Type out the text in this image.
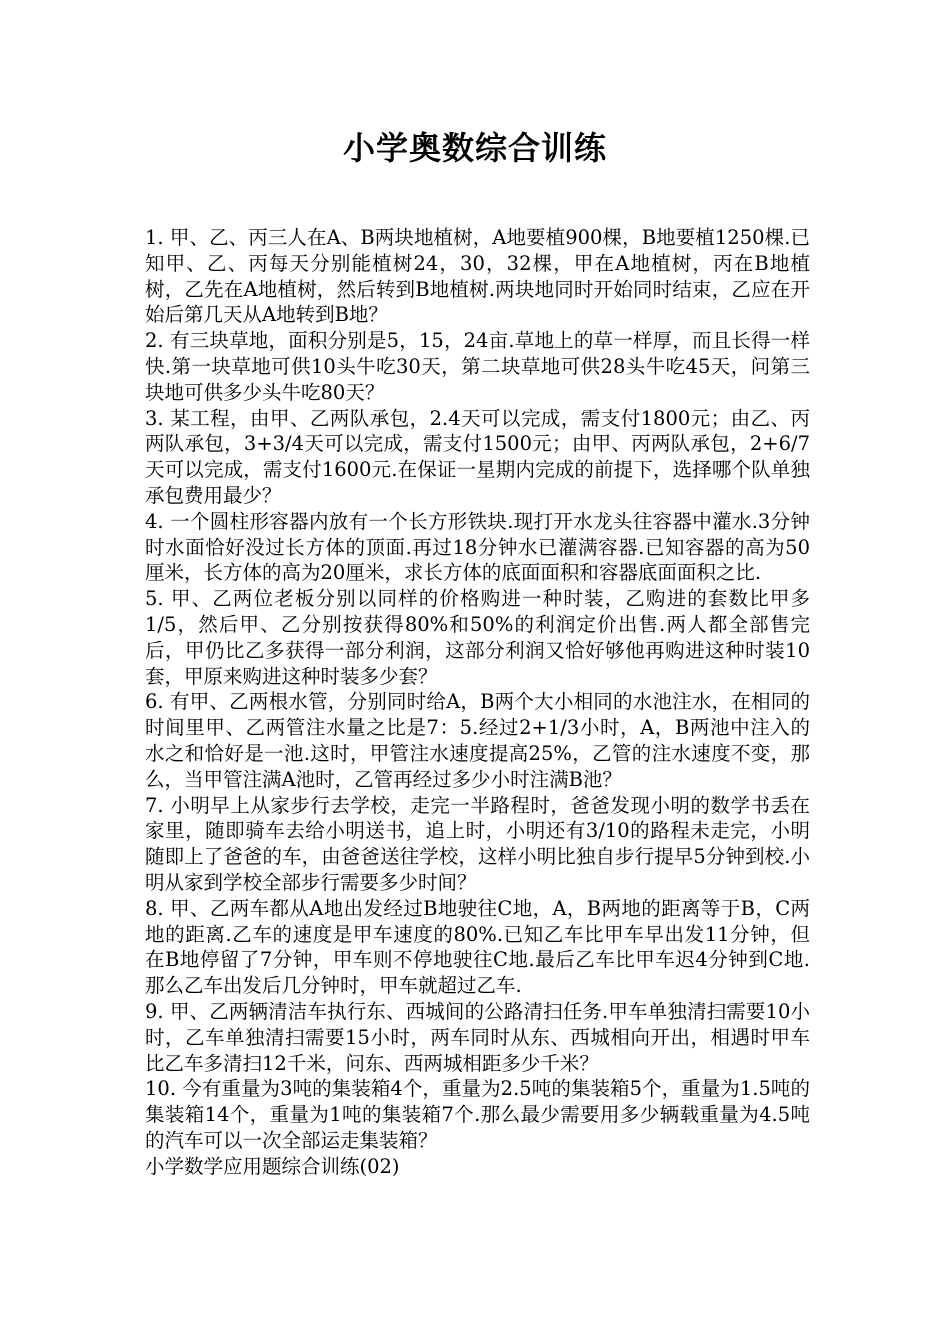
小学奥数综合训练

1. 甲、乙、丙三人在A、B两块地植树，A地要植900棵，B地要植1250棵.已知甲、乙、丙每天分别能植树24，30，32棵，甲在A地植树，丙在B地植树，乙先在A地植树，然后转到B地植树.两块地同时开始同时结束，乙应在开始后第几天从A地转到B地？

2. 有三块草地，面积分别是5，15，24亩.草地上的草一样厚，而且长得一样快.第一块草地可供10头牛吃30天，第二块草地可供28头牛吃45天，问第三块地可供多少头牛吃80天？

3. 某工程，由甲、乙两队承包，2.4天可以完成，需支付1800元；由乙、丙两队承包，3+3/4天可以完成，需支付1500元；由甲、丙两队承包，2+6/7天可以完成，需支付1600元.在保证一星期内完成的前提下，选择哪个队单独承包费用最少？

4. 一个圆柱形容器内放有一个长方形铁块.现打开水龙头往容器中灌水.3分钟时水面恰好没过长方体的顶面.再过18分钟水已灌满容器.已知容器的高为50厘米，长方体的高为20厘米，求长方体的底面面积和容器底面面积之比.

5. 甲、乙两位老板分别以同样的价格购进一种时装，乙购进的套数比甲多1/5，然后甲、乙分别按获得80%和50%的利润定价出售.两人都全部售完后，甲仍比乙多获得一部分利润，这部分利润又恰好够他再购进这种时装10套，甲原来购进这种时装多少套？

6. 有甲、乙两根水管，分别同时给A，B两个大小相同的水池注水，在相同的时间里甲、乙两管注水量之比是7：5.经过2+1/3小时，A，B两池中注入的水之和恰好是一池.这时，甲管注水速度提高25%，乙管的注水速度不变，那么，当甲管注满A池时，乙管再经过多少小时注满B池？

7. 小明早上从家步行去学校，走完一半路程时，爸爸发现小明的数学书丢在家里，随即骑车去给小明送书，追上时，小明还有3/10的路程未走完，小明随即上了爸爸的车，由爸爸送往学校，这样小明比独自步行提早5分钟到校.小明从家到学校全部步行需要多少时间？

8. 甲、乙两车都从A地出发经过B地驶往C地，A，B两地的距离等于B，C两地的距离.乙车的速度是甲车速度的80%.已知乙车比甲车早出发11分钟，但在B地停留了7分钟，甲车则不停地驶往C地.最后乙车比甲车迟4分钟到C地.那么乙车出发后几分钟时，甲车就超过乙车.

9. 甲、乙两辆清洁车执行东、西城间的公路清扫任务.甲车单独清扫需要10小时，乙车单独清扫需要15小时，两车同时从东、西城相向开出，相遇时甲车比乙车多清扫12千米，问东、西两城相距多少千米？

10. 今有重量为3吨的集装箱4个，重量为2.5吨的集装箱5个，重量为1.5吨的集装箱14个，重量为1吨的集装箱7个.那么最少需要用多少辆载重量为4.5吨的汽车可以一次全部运走集装箱？

小学数学应用题综合训练(02)
